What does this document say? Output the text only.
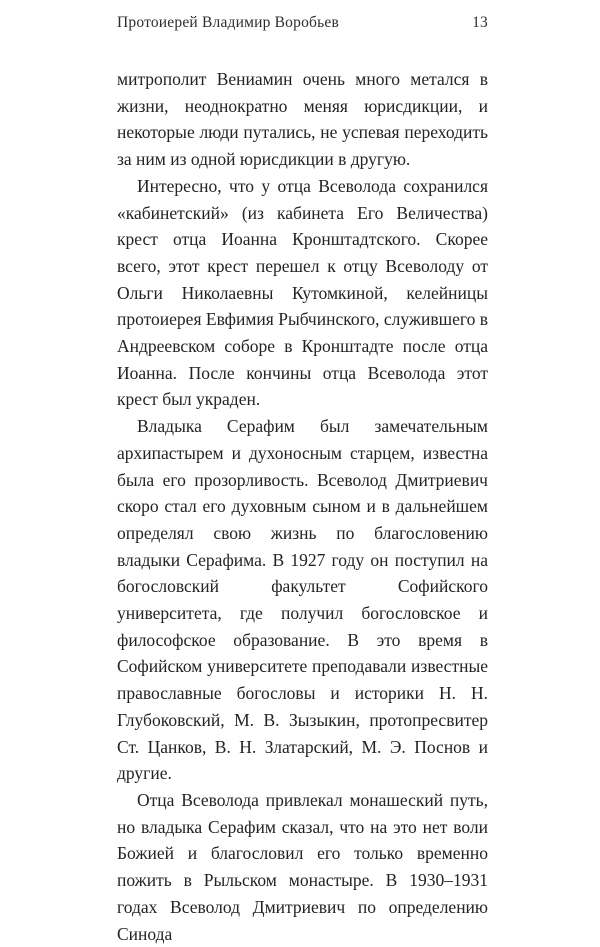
Протоиерей Владимир Воробьев	13

митрополит Вениамин очень много метался в жизни, неоднократно меняя юрисдикции, и некоторые люди путались, не успевая переходить за ним из одной юрисдикции в другую.

Интересно, что у отца Всеволода сохранился «кабинетский» (из кабинета Его Величества) крест отца Иоанна Кронштадтского. Скорее всего, этот крест перешел к отцу Всеволоду от Ольги Николаевны Кутомкиной, келейницы протоиерея Евфимия Рыбчинского, служившего в Андреевском соборе в Кронштадте после отца Иоанна. После кончины отца Всеволода этот крест был украден.

Владыка Серафим был замечательным архипастырем и духоносным старцем, известна была его прозорливость. Всеволод Дмитриевич скоро стал его духовным сыном и в дальнейшем определял свою жизнь по благословению владыки Серафима. В 1927 году он поступил на богословский факультет Софийского университета, где получил богословское и философское образование. В это время в Софийском университете преподавали известные православные богословы и историки Н. Н. Глубоковский, М. В. Зызыкин, протопресвитер Ст. Цанков, В. Н. Златарский, М. Э. Поснов и другие.

Отца Всеволода привлекал монашеский путь, но владыка Серафим сказал, что на это нет воли Божией и благословил его только временно пожить в Рыльском монастыре. В 1930–1931 годах Всеволод Дмитриевич по определению Синода
